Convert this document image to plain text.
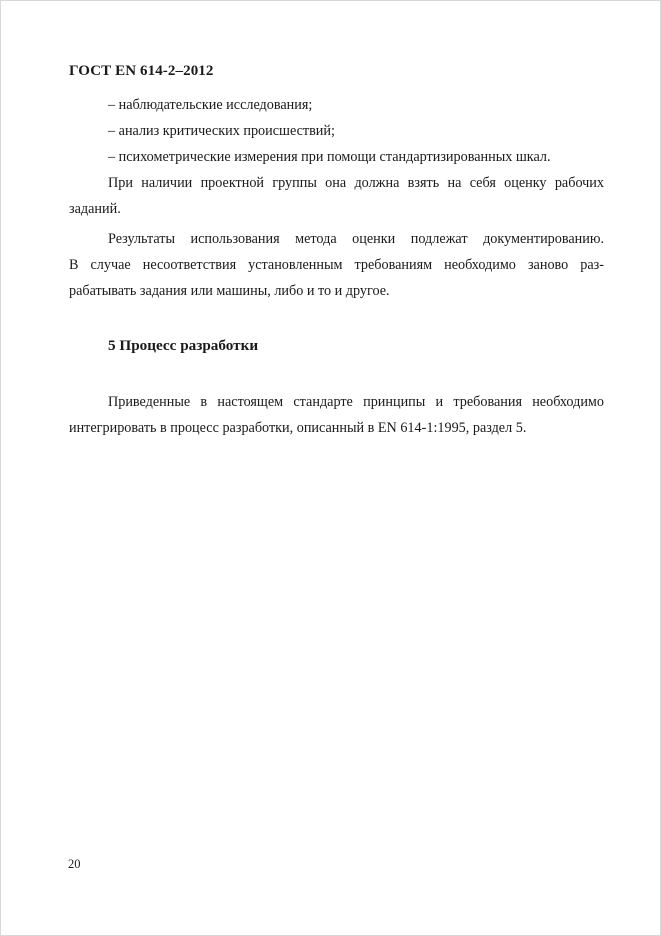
ГОСТ EN 614-2–2012
– наблюдательские исследования;
– анализ критических происшествий;
– психометрические измерения при помощи стандартизированных шкал.
При наличии проектной группы она должна взять на себя оценку рабочих
заданий.
Результаты использования метода оценки подлежат документированию.
В случае несоответствия установленным требованиям необходимо заново раз-
рабатывать задания или машины, либо и то и другое.
5 Процесс разработки
Приведенные в настоящем стандарте принципы и требования необходимо
интегрировать в процесс разработки, описанный в EN 614-1:1995, раздел 5.
20
